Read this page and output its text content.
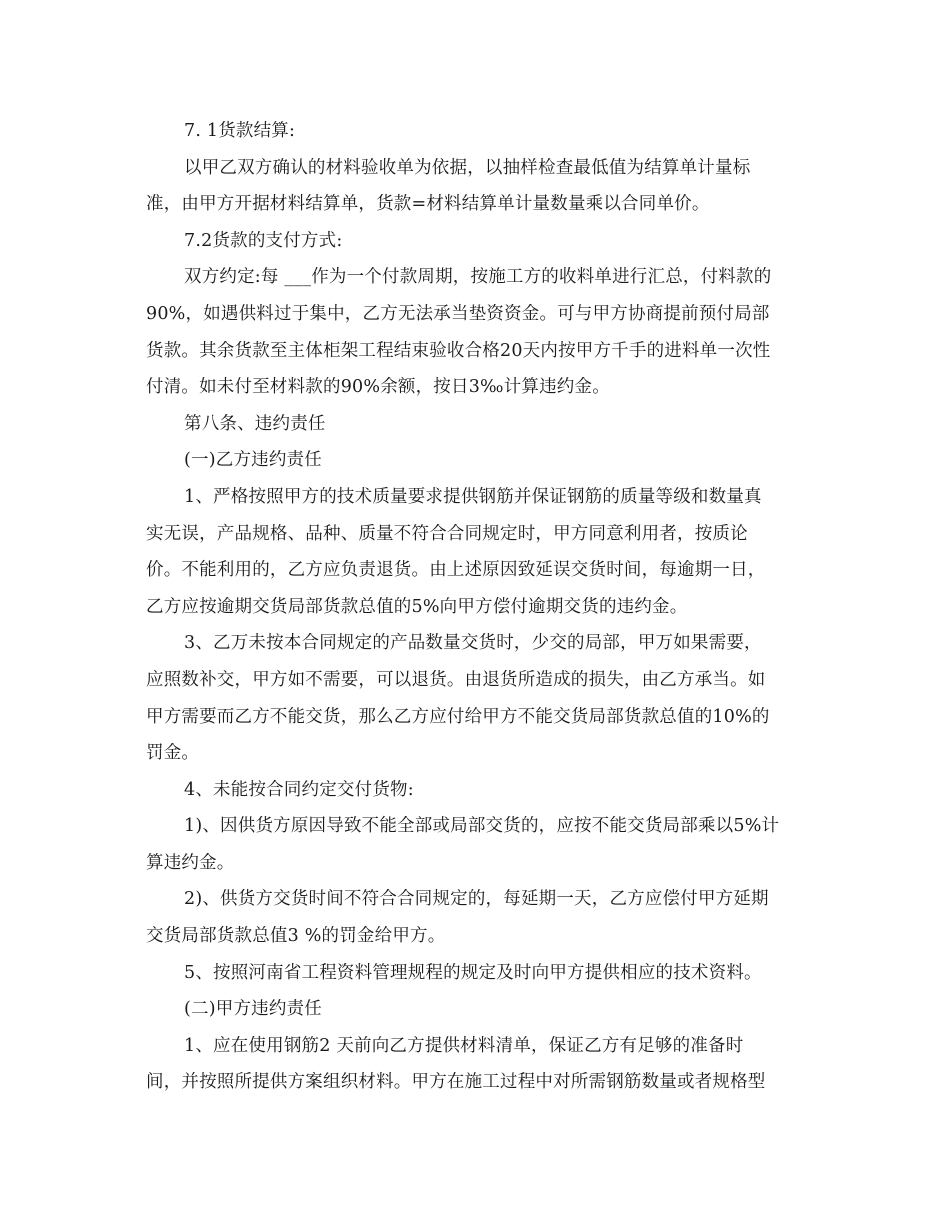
7. 1货款结算:
以甲乙双方确认的材料验收单为依据，以抽样检查最低值为结算单计量标
准，由甲方开据材料结算单，货款=材料结算单计量数量乘以合同单价。
7.2货款的支付方式:
双方约定:每 ___作为一个付款周期，按施工方的收料单进行汇总，付料款的
90%，如遇供料过于集中，乙方无法承当垫资资金。可与甲方协商提前预付局部
货款。其余货款至主体柜架工程结束验收合格20天内按甲方千手的进料单一次性
付清。如未付至材料款的90%余额，按日3‰计算违约金。
第八条、违约责任
(一)乙方违约责任
1、严格按照甲方的技术质量要求提供钢筋并保证钢筋的质量等级和数量真
实无误，产品规格、品种、质量不符合合同规定时，甲方同意利用者，按质论
价。不能利用的，乙方应负责退货。由上述原因致延误交货时间，每逾期一日，
乙方应按逾期交货局部货款总值的5%向甲方偿付逾期交货的违约金。
3、乙万未按本合同规定的产品数量交货时，少交的局部，甲万如果需要，
应照数补交，甲方如不需要，可以退货。由退货所造成的损失，由乙方承当。如
甲方需要而乙方不能交货，那么乙方应付给甲方不能交货局部货款总值的10%的
罚金。
4、未能按合同约定交付货物:
1)、因供货方原因导致不能全部或局部交货的，应按不能交货局部乘以5%计
算违约金。
2)、供货方交货时间不符合合同规定的，每延期一天，乙方应偿付甲方延期
交货局部货款总值3 %的罚金给甲方。
5、按照河南省工程资料管理规程的规定及时向甲方提供相应的技术资料。
(二)甲方违约责任
1、应在使用钢筋2 天前向乙方提供材料清单，保证乙方有足够的准备时
间，并按照所提供方案组织材料。甲方在施工过程中对所需钢筋数量或者规格型
